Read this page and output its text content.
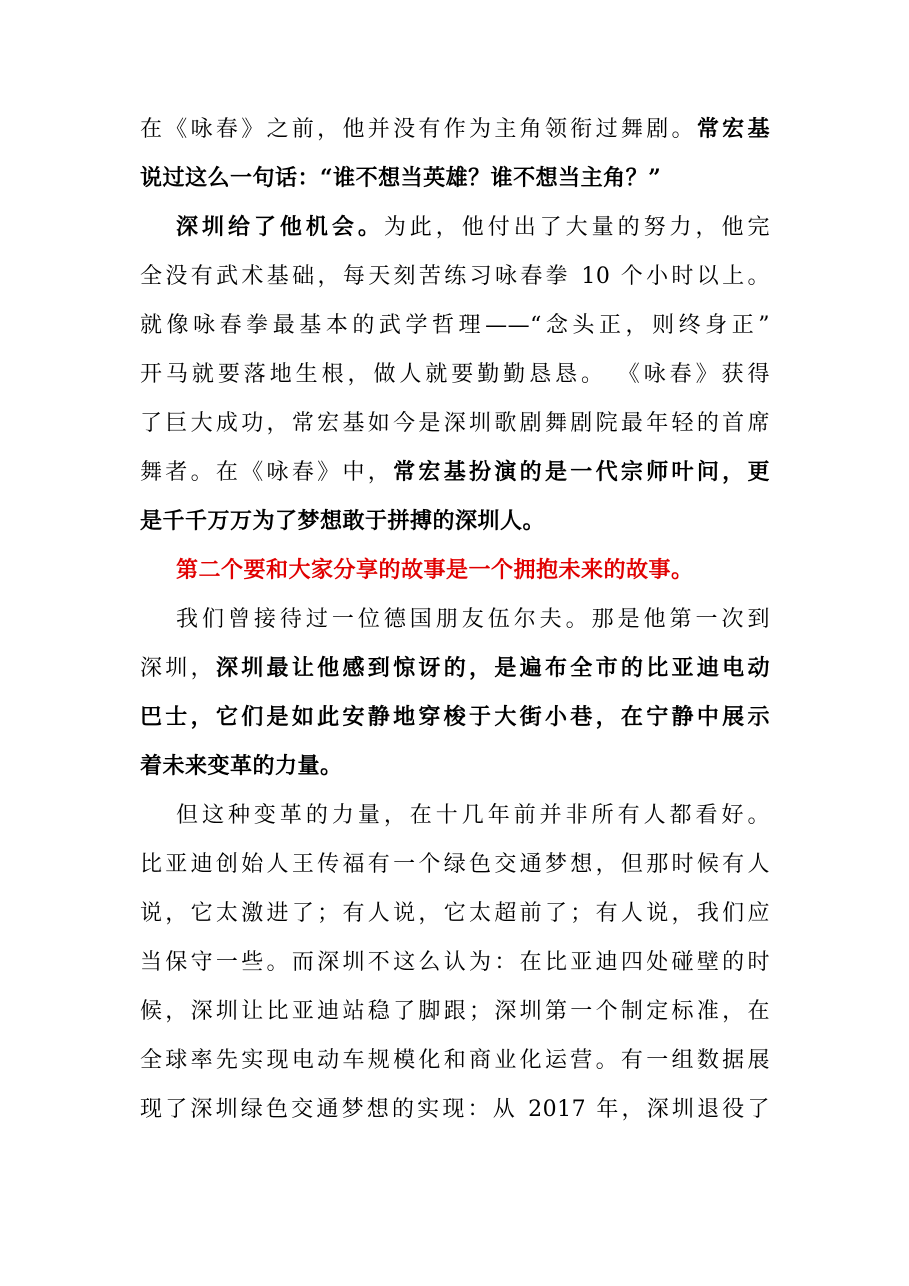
在《咏春》之前，他并没有作为主角领衔过舞剧。常宏基
说过这么一句话：“谁不想当英雄？谁不想当主角？”
深圳给了他机会。为此，他付出了大量的努力，他完
全没有武术基础，每天刻苦练习咏春拳 10 个小时以上。
就像咏春拳最基本的武学哲理——“念头正，则终身正”
开马就要落地生根，做人就要勤勤恳恳。 《咏春》获得
了巨大成功，常宏基如今是深圳歌剧舞剧院最年轻的首席
舞者。在《咏春》中，常宏基扮演的是一代宗师叶问，更
是千千万万为了梦想敢于拼搏的深圳人。
第二个要和大家分享的故事是一个拥抱未来的故事。
我们曾接待过一位德国朋友伍尔夫。那是他第一次到
深圳，深圳最让他感到惊讶的，是遍布全市的比亚迪电动
巴士，它们是如此安静地穿梭于大街小巷，在宁静中展示
着未来变革的力量。
但这种变革的力量，在十几年前并非所有人都看好。
比亚迪创始人王传福有一个绿色交通梦想，但那时候有人
说，它太激进了；有人说，它太超前了；有人说，我们应
当保守一些。而深圳不这么认为：在比亚迪四处碰壁的时
候，深圳让比亚迪站稳了脚跟；深圳第一个制定标准，在
全球率先实现电动车规模化和商业化运营。有一组数据展
现了深圳绿色交通梦想的实现：从 2017 年，深圳退役了
